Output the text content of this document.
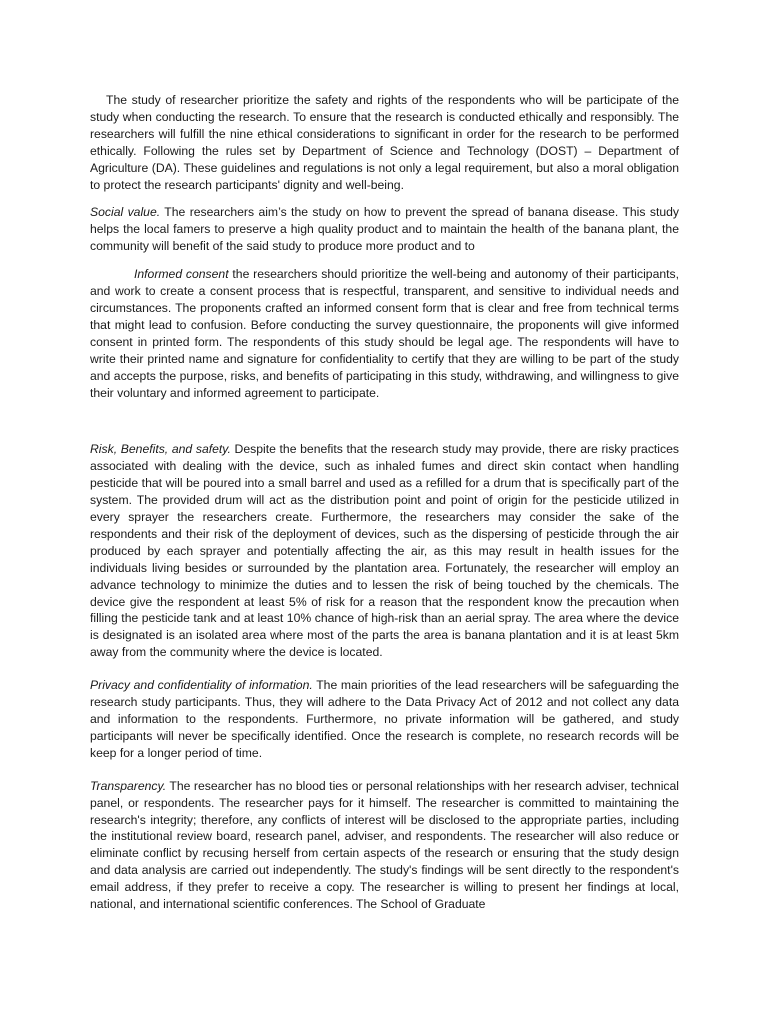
The study of researcher prioritize the safety and rights of the respondents who will be participate of the study when conducting the research. To ensure that the research is conducted ethically and responsibly. The researchers will fulfill the nine ethical considerations to significant in order for the research to be performed ethically. Following the rules set by Department of Science and Technology (DOST) – Department of Agriculture (DA). These guidelines and regulations is not only a legal requirement, but also a moral obligation to protect the research participants' dignity and well-being.

Social value. The researchers aim’s the study on how to prevent the spread of banana disease. This study helps the local famers to preserve a high quality product and to maintain the health of the banana plant, the community will benefit of the said study to produce more product and to

Informed consent the researchers should prioritize the well-being and autonomy of their participants, and work to create a consent process that is respectful, transparent, and sensitive to individual needs and circumstances. The proponents crafted an informed consent form that is clear and free from technical terms that might lead to confusion. Before conducting the survey questionnaire, the proponents will give informed consent in printed form. The respondents of this study should be legal age. The respondents will have to write their printed name and signature for confidentiality to certify that they are willing to be part of the study and accepts the purpose, risks, and benefits of participating in this study, withdrawing, and willingness to give their voluntary and informed agreement to participate.

Risk, Benefits, and safety. Despite the benefits that the research study may provide, there are risky practices associated with dealing with the device, such as inhaled fumes and direct skin contact when handling pesticide that will be poured into a small barrel and used as a refilled for a drum that is specifically part of the system. The provided drum will act as the distribution point and point of origin for the pesticide utilized in every sprayer the researchers create. Furthermore, the researchers may consider the sake of the respondents and their risk of the deployment of devices, such as the dispersing of pesticide through the air produced by each sprayer and potentially affecting the air, as this may result in health issues for the individuals living besides or surrounded by the plantation area. Fortunately, the researcher will employ an advance technology to minimize the duties and to lessen the risk of being touched by the chemicals. The device give the respondent at least 5% of risk for a reason that the respondent know the precaution when filling the pesticide tank and at least 10% chance of high-risk than an aerial spray. The area where the device is designated is an isolated area where most of the parts the area is banana plantation and it is at least 5km away from the community where the device is located.

Privacy and confidentiality of information. The main priorities of the lead researchers will be safeguarding the research study participants. Thus, they will adhere to the Data Privacy Act of 2012 and not collect any data and information to the respondents. Furthermore, no private information will be gathered, and study participants will never be specifically identified. Once the research is complete, no research records will be keep for a longer period of time.

Transparency. The researcher has no blood ties or personal relationships with her research adviser, technical panel, or respondents. The researcher pays for it himself. The researcher is committed to maintaining the research's integrity; therefore, any conflicts of interest will be disclosed to the appropriate parties, including the institutional review board, research panel, adviser, and respondents. The researcher will also reduce or eliminate conflict by recusing herself from certain aspects of the research or ensuring that the study design and data analysis are carried out independently. The study's findings will be sent directly to the respondent's email address, if they prefer to receive a copy. The researcher is willing to present her findings at local, national, and international scientific conferences. The School of Graduate
